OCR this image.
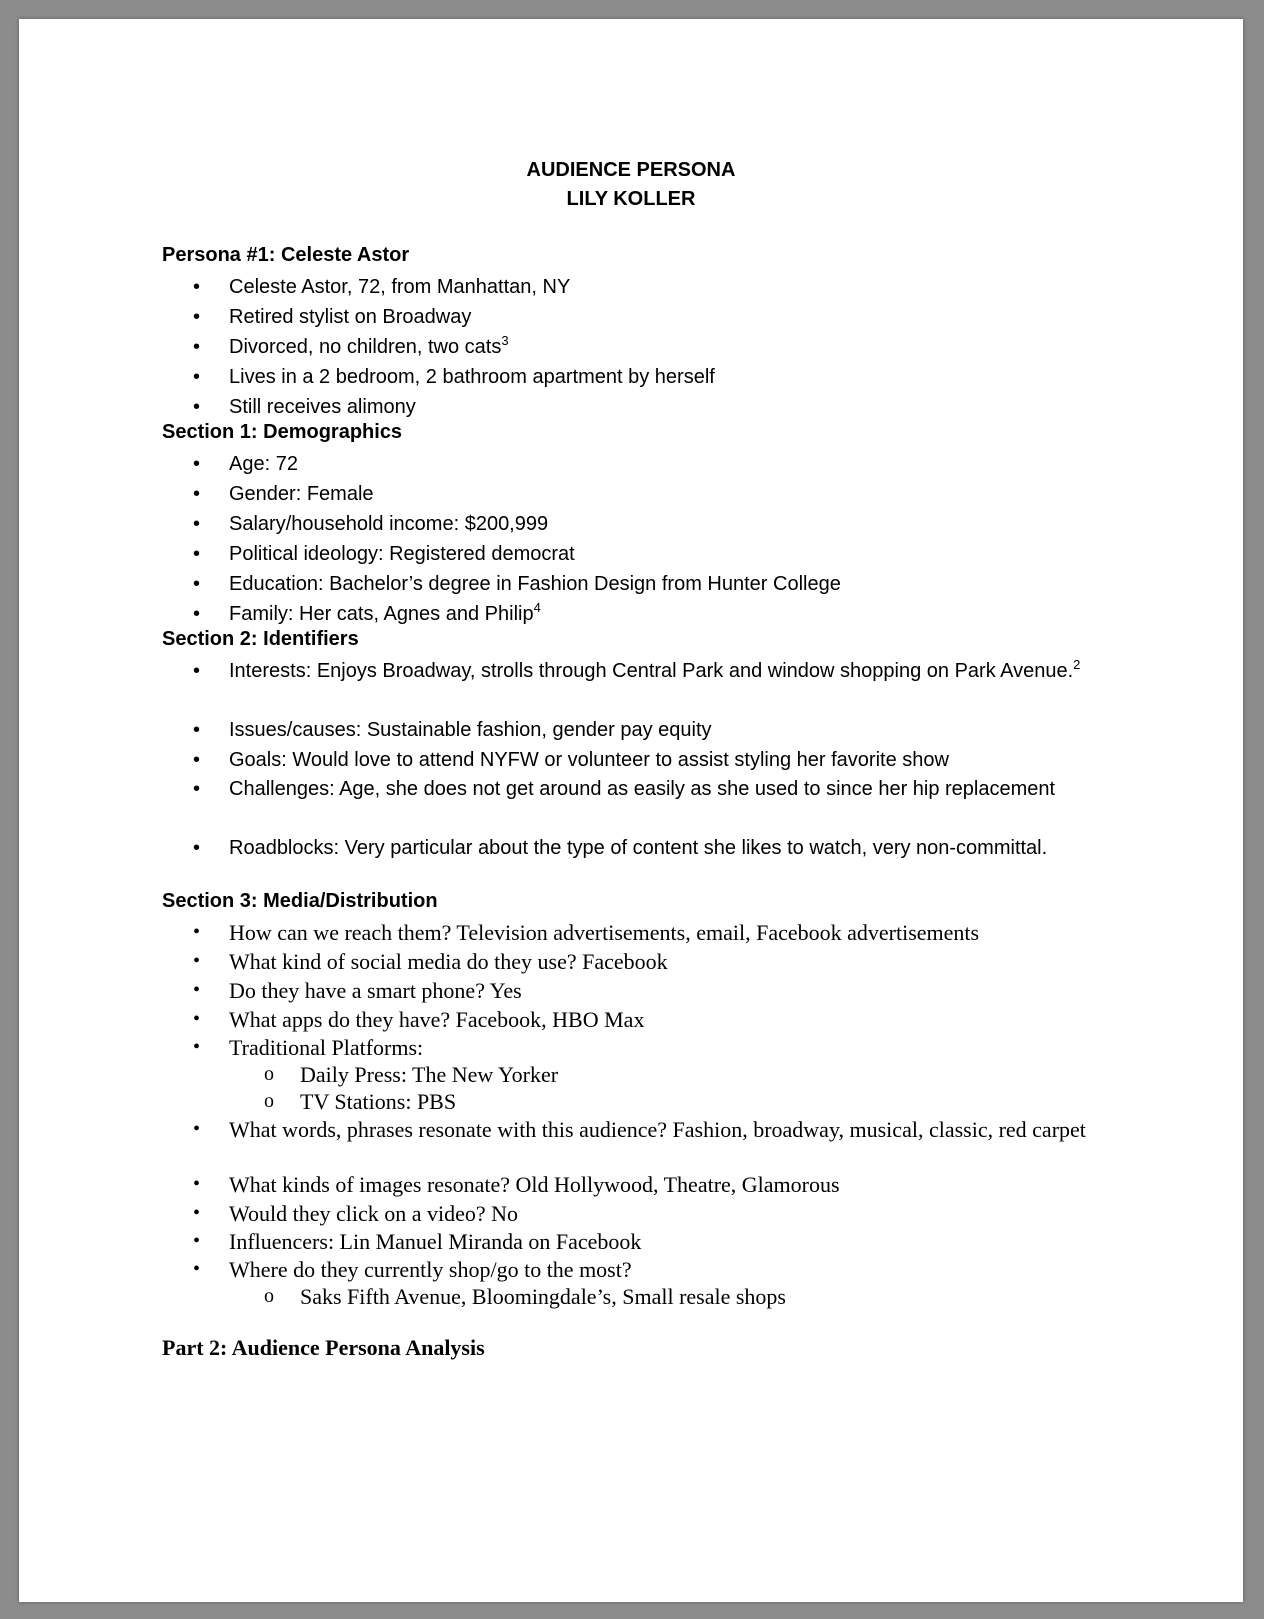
AUDIENCE PERSONA
LILY KOLLER
Persona #1: Celeste Astor
• Celeste Astor, 72, from Manhattan, NY
• Retired stylist on Broadway
• Divorced, no children, two cats$^3$
• Lives in a 2 bedroom, 2 bathroom apartment by herself
• Still receives alimony
Section 1: Demographics
• Age: 72
• Gender: Female
• Salary/household income: $200,999
• Political ideology: Registered democrat
• Education: Bachelor’s degree in Fashion Design from Hunter College
• Family: Her cats, Agnes and Philip$^4$
Section 2: Identifiers
• Interests: Enjoys Broadway, strolls through Central Park and window shopping on Park Avenue.$^2$
• Issues/causes: Sustainable fashion, gender pay equity
• Goals: Would love to attend NYFW or volunteer to assist styling her favorite show
• Challenges: Age, she does not get around as easily as she used to since her hip replacement
• Roadblocks: Very particular about the type of content she likes to watch, very non-committal.
Section 3: Media/Distribution
• How can we reach them? Television advertisements, email, Facebook advertisements
• What kind of social media do they use? Facebook
• Do they have a smart phone? Yes
• What apps do they have? Facebook, HBO Max
• Traditional Platforms:
o Daily Press: The New Yorker
o TV Stations: PBS
• What words, phrases resonate with this audience? Fashion, broadway, musical, classic, red carpet
• What kinds of images resonate? Old Hollywood, Theatre, Glamorous
• Would they click on a video? No
• Influencers: Lin Manuel Miranda on Facebook
• Where do they currently shop/go to the most?
o Saks Fifth Avenue, Bloomingdale’s, Small resale shops
Part 2: Audience Persona Analysis
